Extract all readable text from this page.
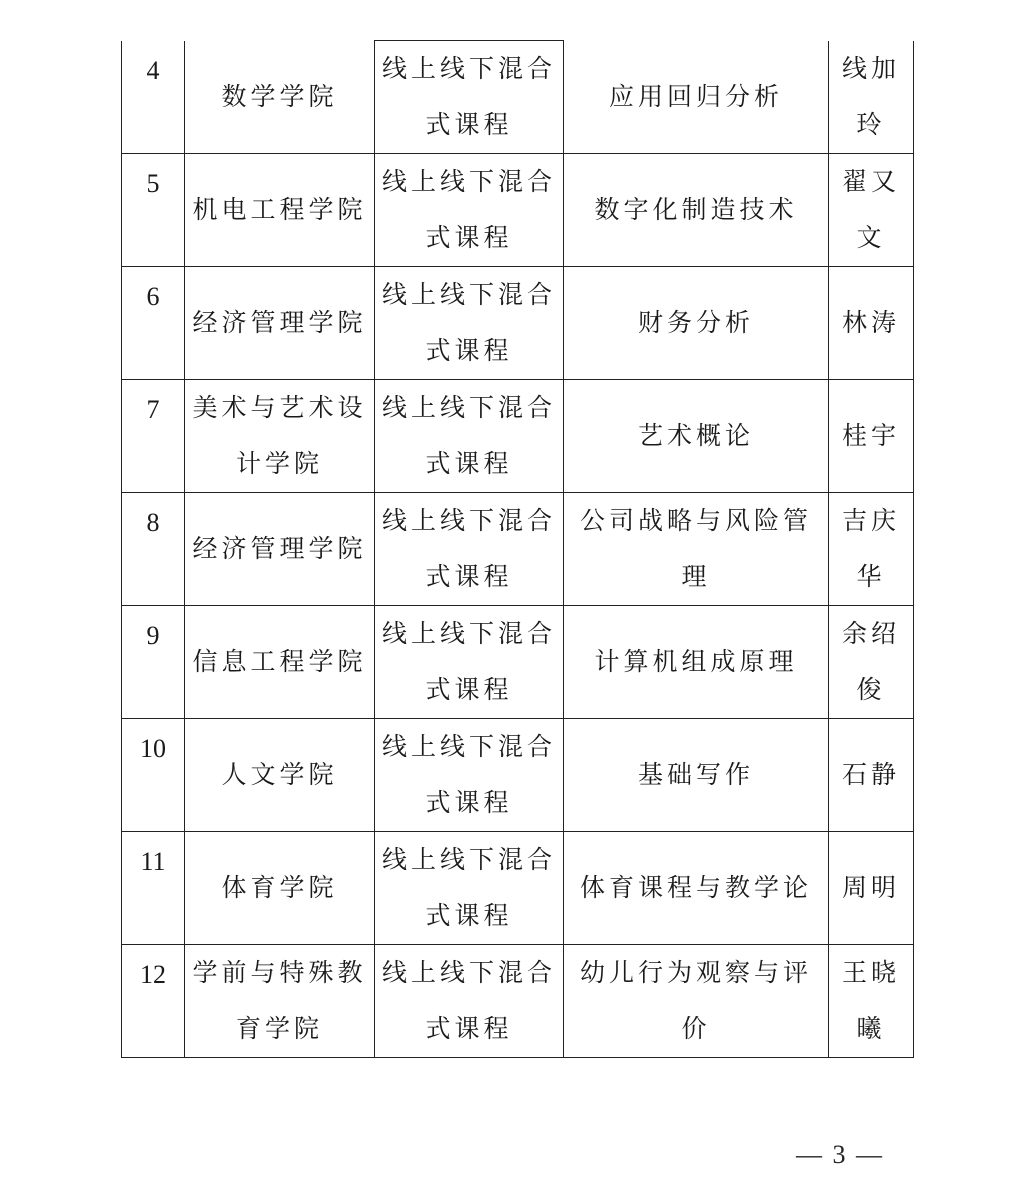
4	数学学院	线上线下混合式课程	应用回归分析	线加玲
5	机电工程学院	线上线下混合式课程	数字化制造技术	翟又文
6	经济管理学院	线上线下混合式课程	财务分析	林涛
7	美术与艺术设计学院	线上线下混合式课程	艺术概论	桂宇
8	经济管理学院	线上线下混合式课程	公司战略与风险管理	吉庆华
9	信息工程学院	线上线下混合式课程	计算机组成原理	余绍俊
10	人文学院	线上线下混合式课程	基础写作	石静
11	体育学院	线上线下混合式课程	体育课程与教学论	周明
12	学前与特殊教育学院	线上线下混合式课程	幼儿行为观察与评价	王晓曦
— 3 —
